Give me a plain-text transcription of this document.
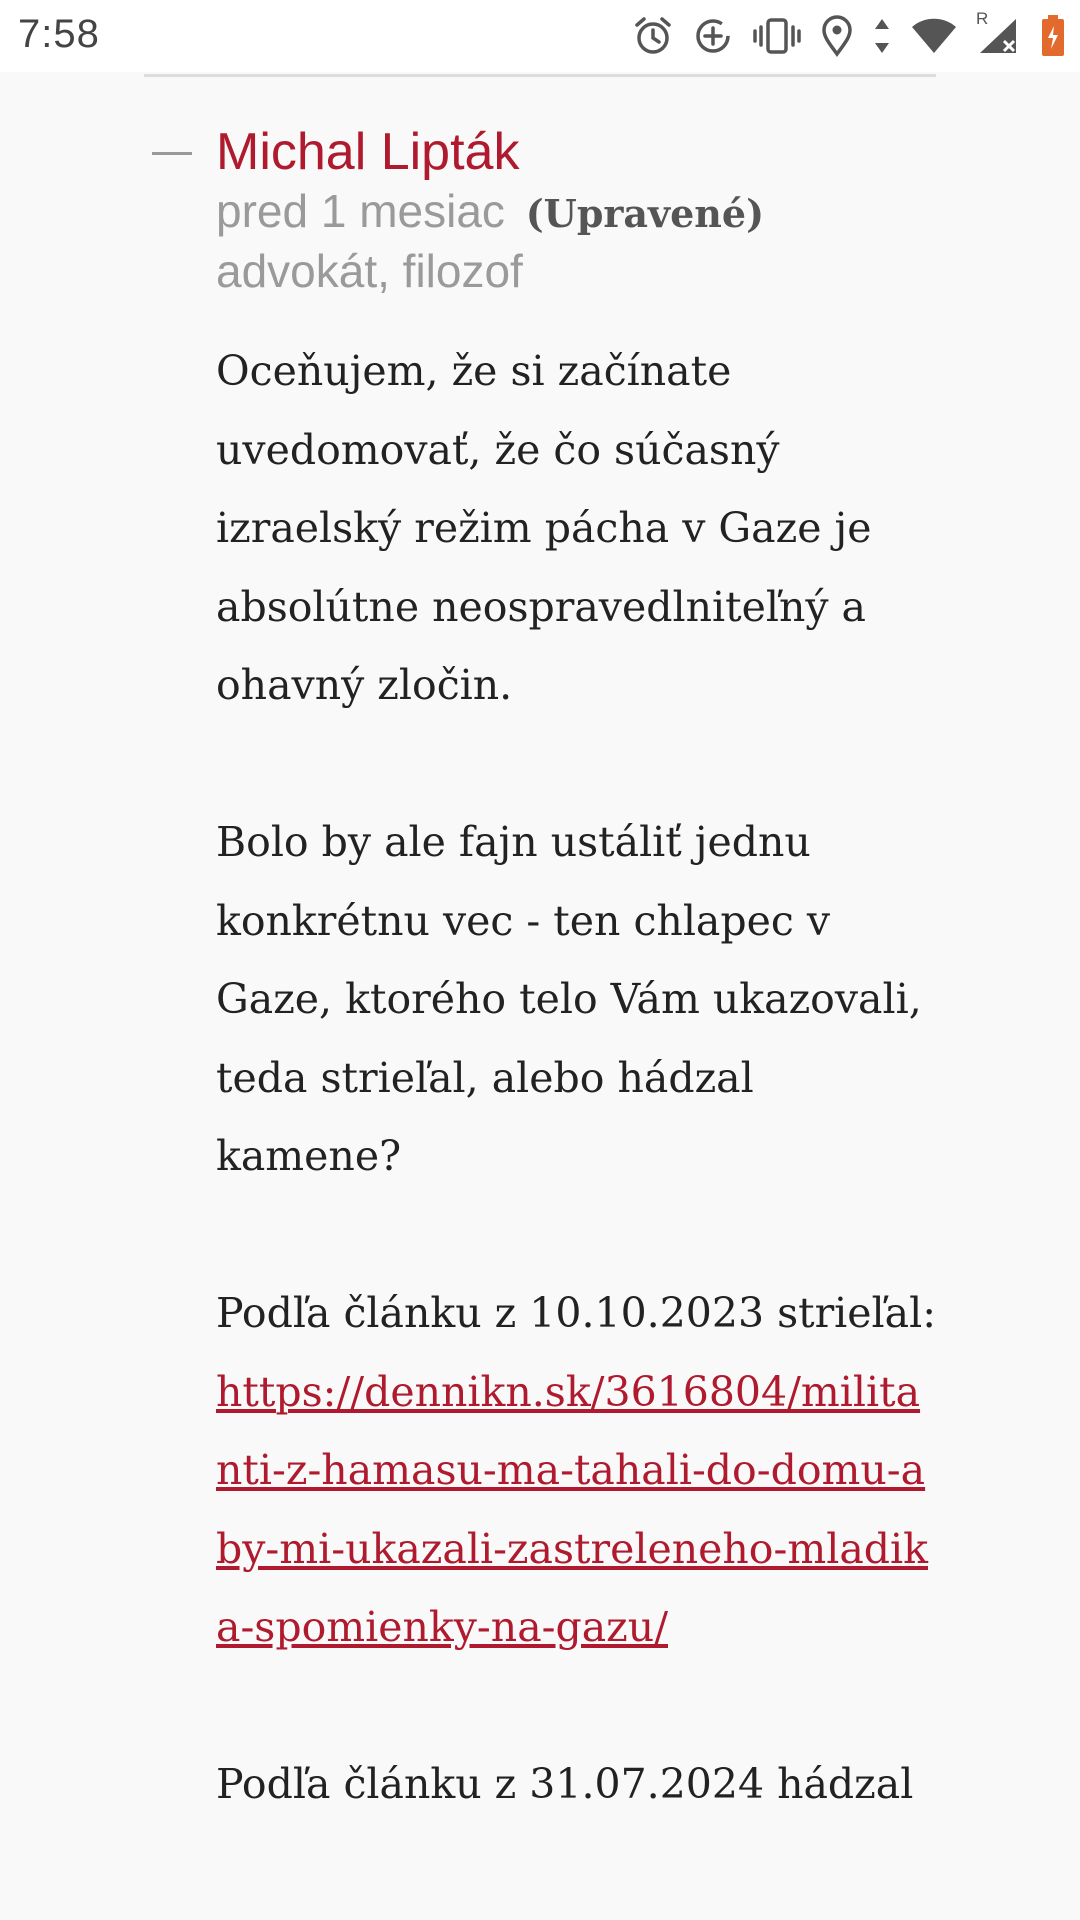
7:58	R
Michal Lipták
pred 1 mesiac (Upravené)
advokát, filozof

Oceňujem, že si začínate uvedomovať, že čo súčasný izraelský režim pácha v Gaze je absolútne neospravedlniteľný a ohavný zločin.

Bolo by ale fajn ustáliť jednu konkrétnu vec - ten chlapec v Gaze, ktorého telo Vám ukazovali, teda strieľal, alebo hádzal kamene?

Podľa článku z 10.10.2023 strieľal:
https://dennikn.sk/3616804/militanti-z-hamasu-ma-tahali-do-domu-aby-mi-ukazali-zastreleneho-mladika-spomienky-na-gazu/

Podľa článku z 31.07.2024 hádzal
